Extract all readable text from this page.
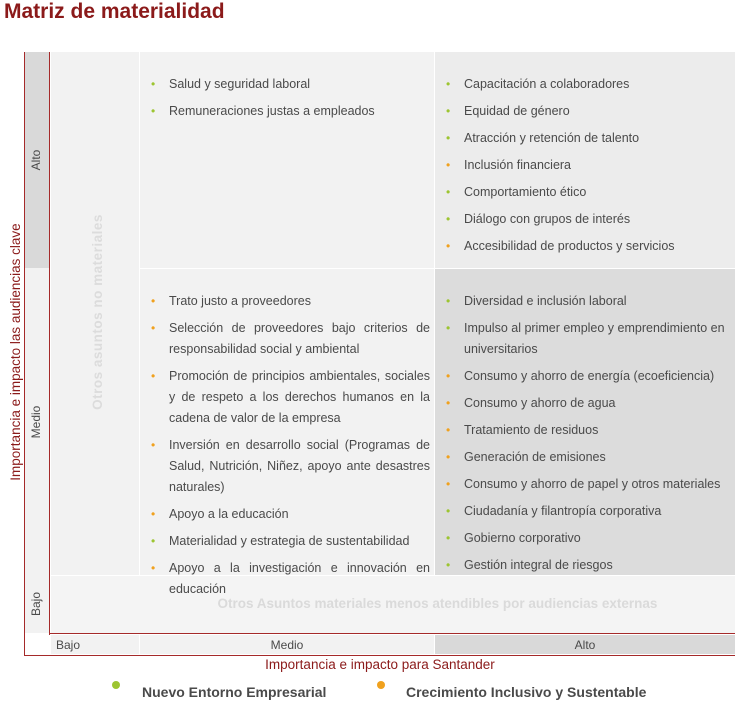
Matriz de materialidad
Importancia e impacto las audiencias clave
Alto
Medio
Bajo
Otros asuntos no materiales
Otros Asuntos materiales menos atendibles por audiencias externas
• Salud y seguridad laboral
• Remuneraciones justas a empleados
• Capacitación a colaboradores
• Equidad de género
• Atracción y retención de talento
• Inclusión financiera
• Comportamiento ético
• Diálogo con grupos de interés
• Accesibilidad de productos y servicios
• Trato justo a proveedores
• Selección de proveedores bajo criterios de responsabilidad social y ambiental
• Promoción de principios ambientales, sociales y de respeto a los derechos humanos en la cadena de valor de la empresa
• Inversión en desarrollo social (Programas de Salud, Nutrición, Niñez, apoyo ante desastres naturales)
• Apoyo a la educación
• Materialidad y estrategia de sustentabilidad
• Apoyo a la investigación e innovación en educación
• Diversidad e inclusión laboral
• Impulso al primer empleo y emprendimiento en universitarios
• Consumo y ahorro de energía (ecoeficiencia)
• Consumo y ahorro de agua
• Tratamiento de residuos
• Generación de emisiones
• Consumo y ahorro de papel y otros materiales
• Ciudadanía y filantropía corporativa
• Gobierno corporativo
• Gestión integral de riesgos
Bajo	Medio	Alto
Importancia e impacto para Santander
Nuevo Entorno Empresarial	Crecimiento Inclusivo y Sustentable
